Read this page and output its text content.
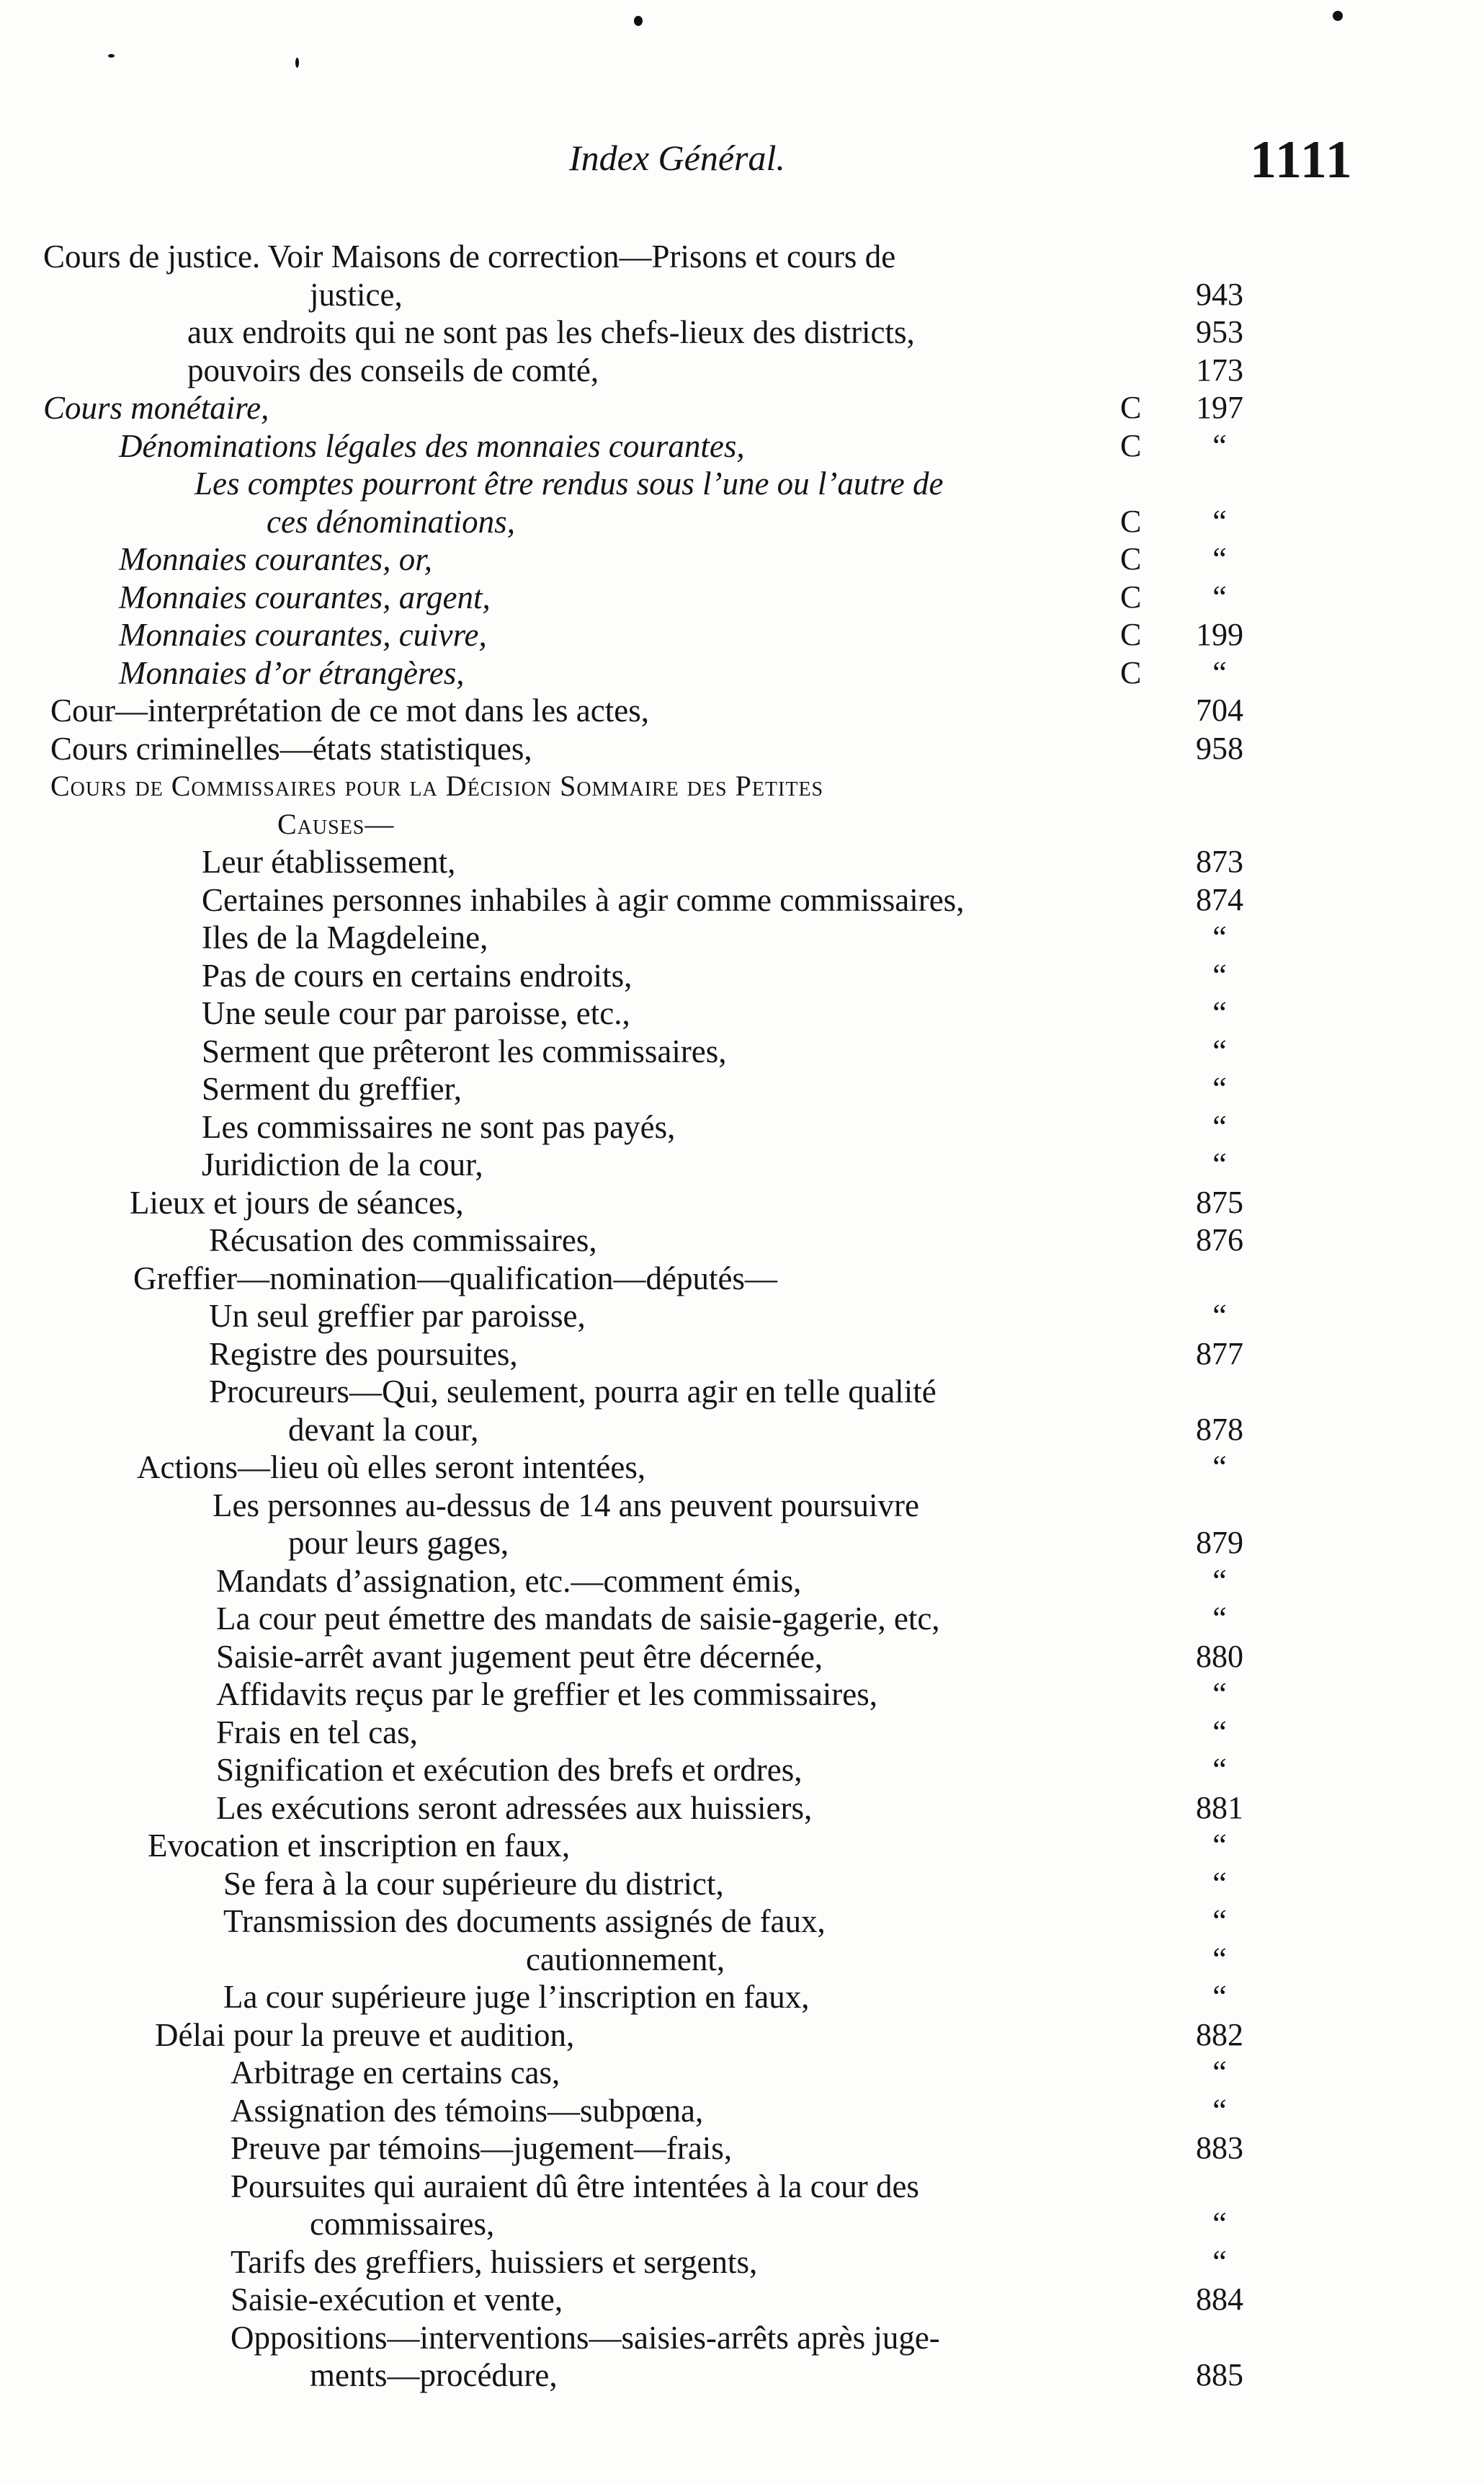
Index Général.	1111
Cours de justice. Voir Maisons de correction—Prisons et cours de
justice,	943
aux endroits qui ne sont pas les chefs-lieux des districts,	953
pouvoirs des conseils de comté,	173
Cours monétaire,	C 197
Dénominations légales des monnaies courantes,	C	“
Les comptes pourront être rendus sous l’une ou l’autre de
ces dénominations,	C	“
Monnaies courantes, or,	C	“
Monnaies courantes, argent,	C	“
Monnaies courantes, cuivre,	C 199
Monnaies d’or étrangères,	C	“
Cour—interprétation de ce mot dans les actes,	704
Cours criminelles—états statistiques,	958
Cours de Commissaires pour la Décision Sommaire des Petites
Causes—
Leur établissement,	873
Certaines personnes inhabiles à agir comme commissaires,	874
Iles de la Magdeleine,	“
Pas de cours en certains endroits,	“
Une seule cour par paroisse, etc.,	“
Serment que prêteront les commissaires,	“
Serment du greffier,	“
Les commissaires ne sont pas payés,	“
Juridiction de la cour,	“
Lieux et jours de séances,	875
Récusation des commissaires,	876
Greffier—nomination—qualification—députés—
Un seul greffier par paroisse,	“
Registre des poursuites,	877
Procureurs—Qui, seulement, pourra agir en telle qualité
devant la cour,	878
Actions—lieu où elles seront intentées,	“
Les personnes au-dessus de 14 ans peuvent poursuivre
pour leurs gages,	879
Mandats d’assignation, etc.—comment émis,	“
La cour peut émettre des mandats de saisie-gagerie, etc,	“
Saisie-arrêt avant jugement peut être décernée,	880
Affidavits reçus par le greffier et les commissaires,	“
Frais en tel cas,	“
Signification et exécution des brefs et ordres,	“
Les exécutions seront adressées aux huissiers,	881
Evocation et inscription en faux,	“
Se fera à la cour supérieure du district,	“
Transmission des documents assignés de faux,	“
cautionnement,	“
La cour supérieure juge l’inscription en faux,	“
Délai pour la preuve et audition,	882
Arbitrage en certains cas,	“
Assignation des témoins—subpœna,	“
Preuve par témoins—jugement—frais,	883
Poursuites qui auraient dû être intentées à la cour des
commissaires,	“
Tarifs des greffiers, huissiers et sergents,	“
Saisie-exécution et vente,	884
Oppositions—interventions—saisies-arrêts après juge-
ments—procédure,	885
